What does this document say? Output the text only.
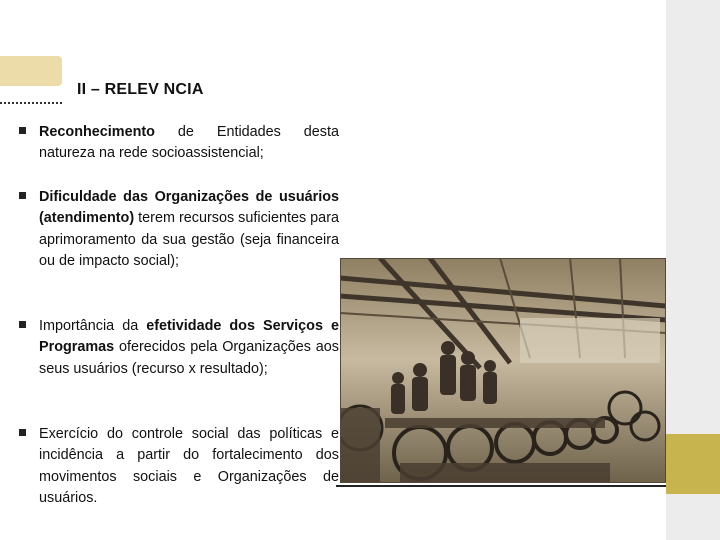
II – RELEV NCIA

Reconhecimento de Entidades desta natureza na rede socioassistencial;

Dificuldade das Organizações de usuários (atendimento) terem recursos suficientes para aprimoramento da sua gestão (seja financeira ou de impacto social);

Importância da efetividade dos Serviços e Programas oferecidos pela Organizações aos seus usuários (recurso x resultado);

Exercício do controle social das políticas e incidência a partir do fortalecimento dos movimentos sociais e Organizações de usuários.
